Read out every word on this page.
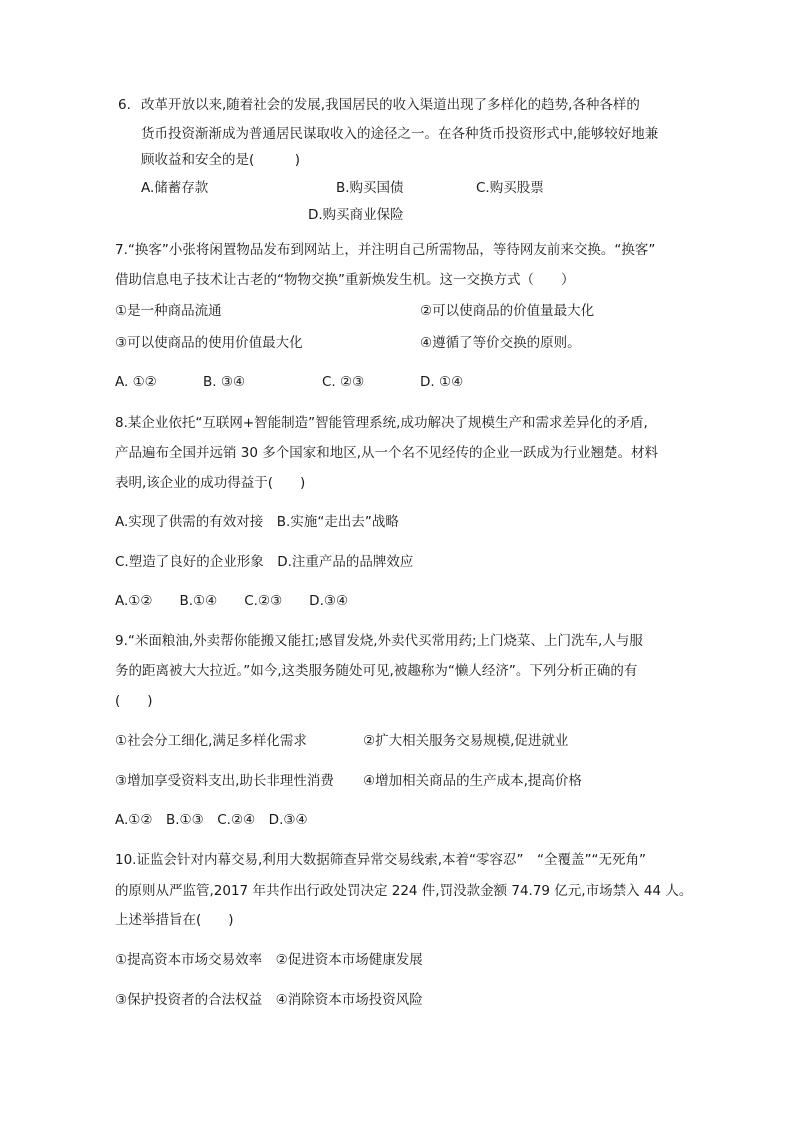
6. 改革开放以来,随着社会的发展,我国居民的收入渠道出现了多样化的趋势,各种各样的
货币投资渐渐成为普通居民谋取收入的途径之一。在各种货币投资形式中,能够较好地兼
顾收益和安全的是(　　　)
A.储蓄存款	B.购买国债	C.购买股票
D.购买商业保险
7.“换客”小张将闲置物品发布到网站上，并注明自己所需物品，等待网友前来交换。“换客”
借助信息电子技术让古老的“物物交换”重新焕发生机。这一交换方式（　　）
①是一种商品流通	②可以使商品的价值量最大化
③可以使商品的使用价值最大化	④遵循了等价交换的原则。
A. ①②	B. ③④	C. ②③	D. ①④
8.某企业依托“互联网+智能制造”智能管理系统,成功解决了规模生产和需求差异化的矛盾,
产品遍布全国并远销 30 多个国家和地区,从一个名不见经传的企业一跃成为行业翘楚。材料
表明,该企业的成功得益于(　　)
A.实现了供需的有效对接　B.实施“走出去”战略
C.塑造了良好的企业形象　D.注重产品的品牌效应
A.①②　　B.①④　　C.②③　　D.③④
9.“米面粮油,外卖帮你能搬又能扛;感冒发烧,外卖代买常用药;上门烧菜、上门洗车,人与服
务的距离被大大拉近。”如今,这类服务随处可见,被趣称为“懒人经济”。下列分析正确的有
(　　)
①社会分工细化,满足多样化需求	②扩大相关服务交易规模,促进就业
③增加享受资料支出,助长非理性消费 ④增加相关商品的生产成本,提高价格
A.①②　B.①③　C.②④　D.③④
10.证监会针对内幕交易,利用大数据筛查异常交易线索,本着“零容忍”　“全覆盖”“无死角”
的原则从严监管,2017 年共作出行政处罚决定 224 件,罚没款金额 74.79 亿元,市场禁入 44 人。
上述举措旨在(　　)
①提高资本市场交易效率　②促进资本市场健康发展
③保护投资者的合法权益　④消除资本市场投资风险
